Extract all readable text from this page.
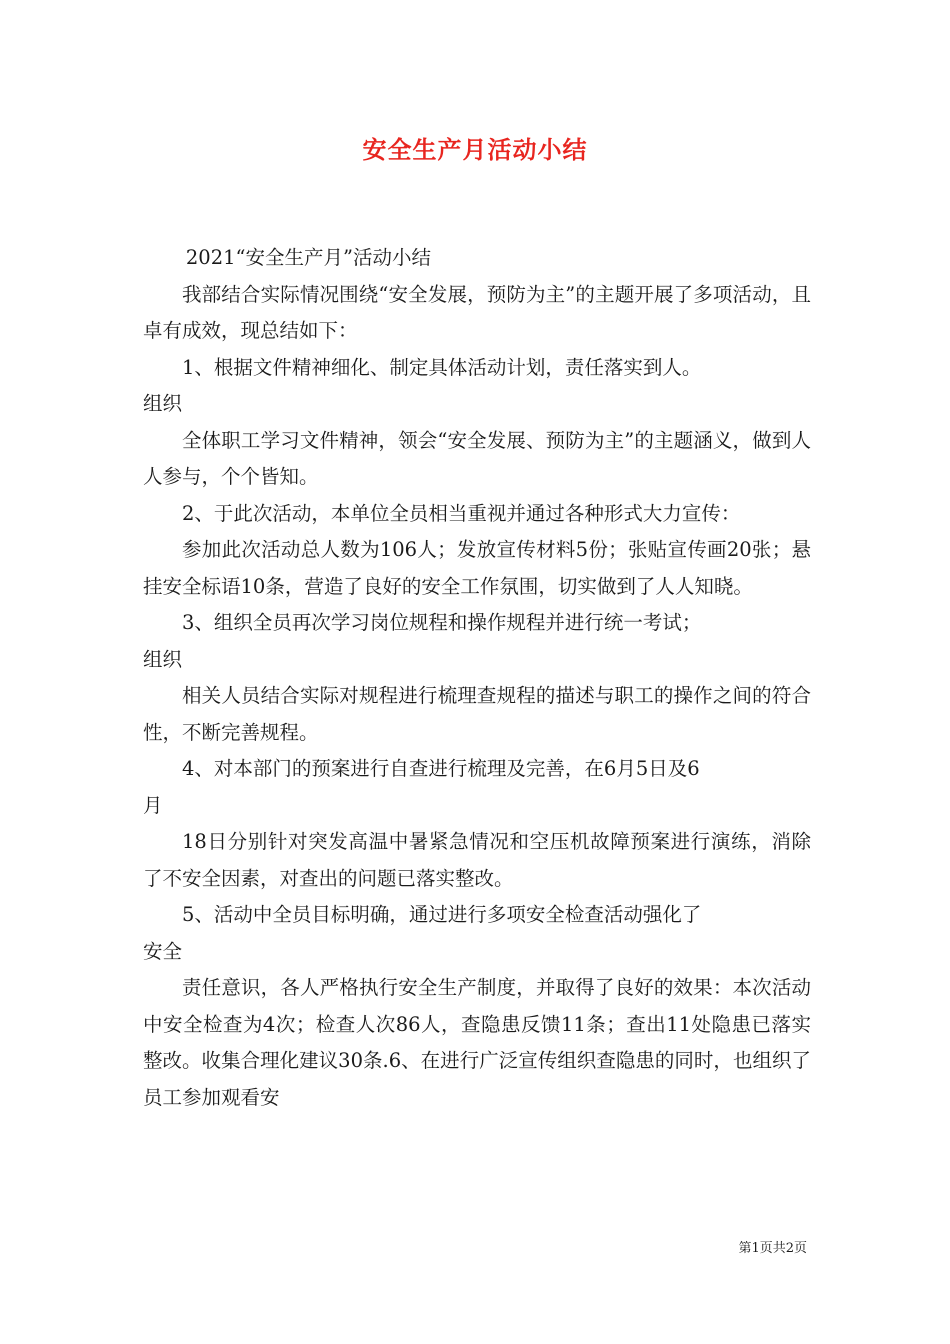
安全生产月活动小结

2021“安全生产月”活动小结

我部结合实际情况围绕“安全发展，预防为主”的主题开展了多项活动，且卓有成效，现总结如下：

1、根据文件精神细化、制定具体活动计划，责任落实到人。

组织

全体职工学习文件精神，领会“安全发展、预防为主”的主题涵义，做到人人参与，个个皆知。

2、于此次活动，本单位全员相当重视并通过各种形式大力宣传：

参加此次活动总人数为106人；发放宣传材料5份；张贴宣传画20张；悬挂安全标语10条，营造了良好的安全工作氛围，切实做到了人人知晓。

3、组织全员再次学习岗位规程和操作规程并进行统一考试；

组织

相关人员结合实际对规程进行梳理查规程的描述与职工的操作之间的符合性，不断完善规程。

4、对本部门的预案进行自查进行梳理及完善，在6月5日及6

月

18日分别针对突发高温中暑紧急情况和空压机故障预案进行演练，消除了不安全因素，对查出的问题已落实整改。

5、活动中全员目标明确，通过进行多项安全检查活动强化了

安全

责任意识，各人严格执行安全生产制度，并取得了良好的效果：本次活动中安全检查为4次；检查人次86人，查隐患反馈11条；查出11处隐患已落实整改。收集合理化建议30条.6、在进行广泛宣传组织查隐患的同时，也组织了员工参加观看安

第1页共2页
